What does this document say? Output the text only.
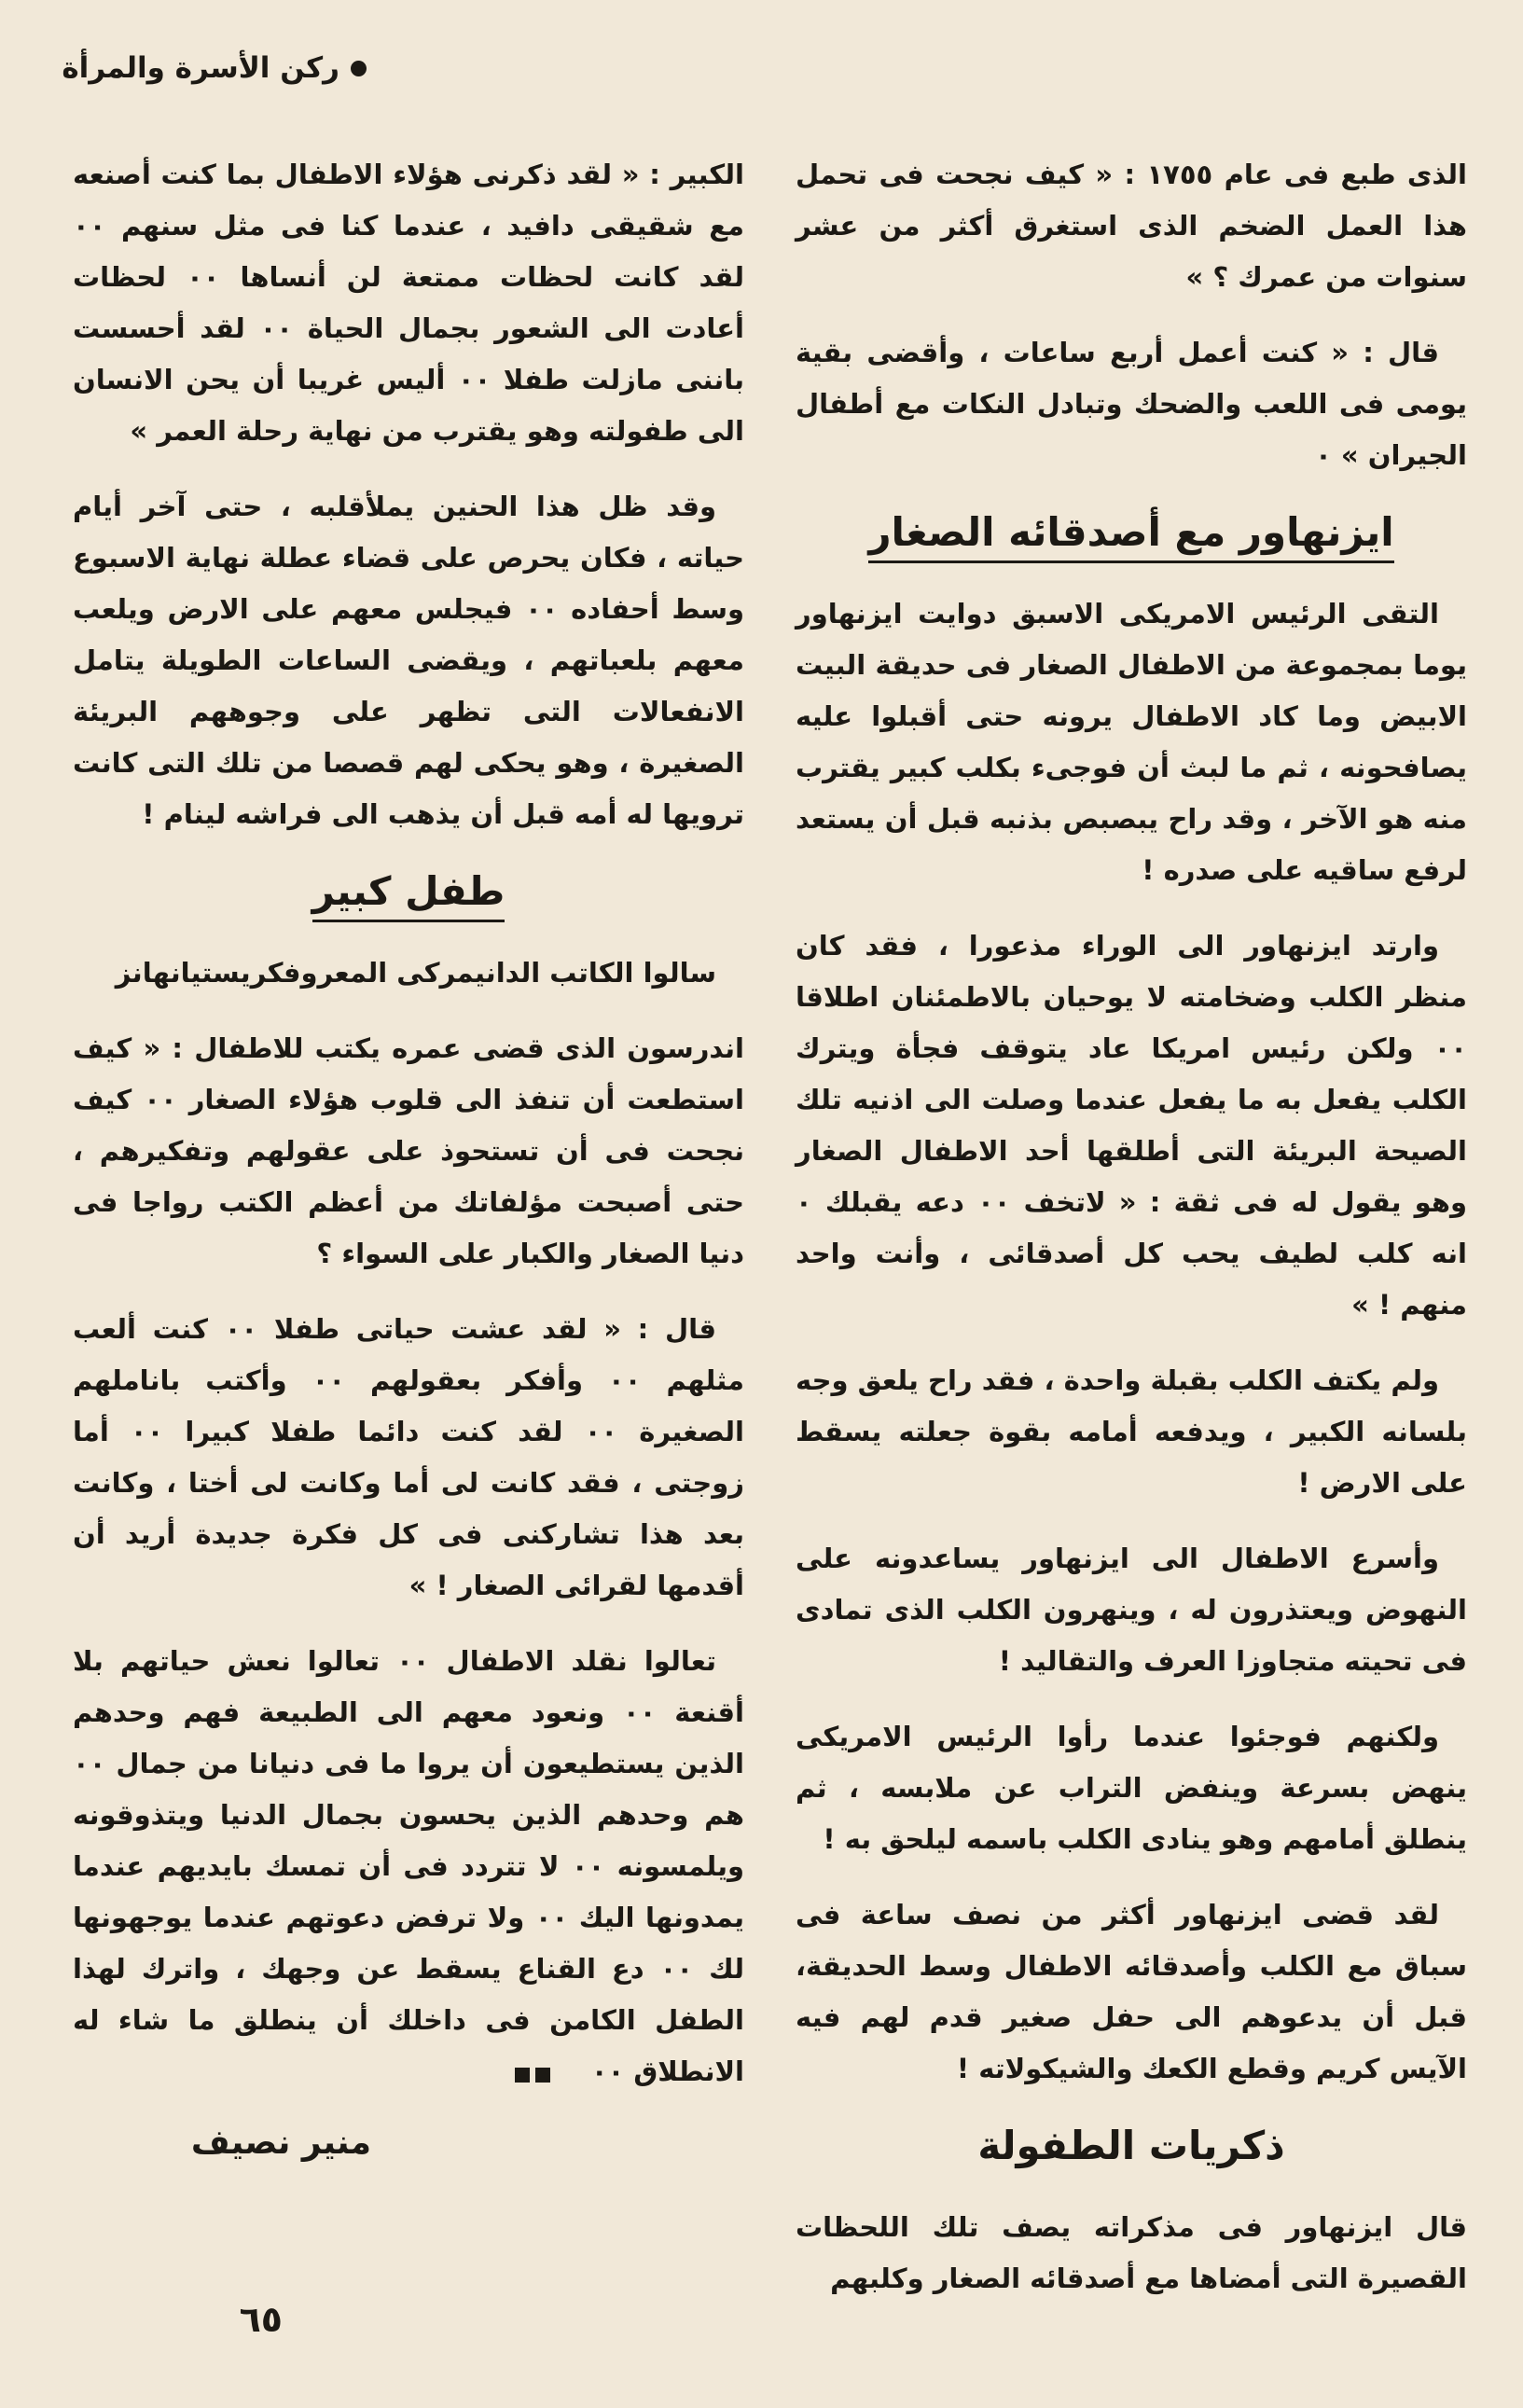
ركن الأسرة والمرأة

الذى طبع فى عام ١٧٥٥ : « كيف نجحت فى تحمل هذا العمل الضخم الذى استغرق أكثر من عشر سنوات من عمرك ؟ »

قال : « كنت أعمل أربع ساعات ، وأقضى بقية يومى فى اللعب والضحك وتبادل النكات مع أطفال الجيران » ٠

ايزنهاور مع أصدقائه الصغار

التقى الرئيس الامريكى الاسبق دوايت ايزنهاور يوما بمجموعة من الاطفال الصغار فى حديقة البيت الابيض وما كاد الاطفال يرونه حتى أقبلوا عليه يصافحونه ، ثم ما لبث أن فوجىء بكلب كبير يقترب منه هو الآخر ، وقد راح يبصبص بذنبه قبل أن يستعد لرفع ساقيه على صدره !

وارتد ايزنهاور الى الوراء مذعورا ، فقد كان منظر الكلب وضخامته لا يوحيان بالاطمئنان اطلاقا ٠٠ ولكن رئيس امريكا عاد يتوقف فجأة ويترك الكلب يفعل به ما يفعل عندما وصلت الى اذنيه تلك الصيحة البريئة التى أطلقها أحد الاطفال الصغار وهو يقول له فى ثقة : « لاتخف ٠٠ دعه يقبلك ٠ انه كلب لطيف يحب كل أصدقائى ، وأنت واحد منهم ! »

ولم يكتف الكلب بقبلة واحدة ، فقد راح يلعق وجه بلسانه الكبير ، ويدفعه أمامه بقوة جعلته يسقط على الارض !

وأسرع الاطفال الى ايزنهاور يساعدونه على النهوض ويعتذرون له ، وينهرون الكلب الذى تمادى فى تحيته متجاوزا العرف والتقاليد !

ولكنهم فوجئوا عندما رأوا الرئيس الامريكى ينهض بسرعة وينفض التراب عن ملابسه ، ثم ينطلق أمامهم وهو ينادى الكلب باسمه ليلحق به !

لقد قضى ايزنهاور أكثر من نصف ساعة فى سباق مع الكلب وأصدقائه الاطفال وسط الحديقة، قبل أن يدعوهم الى حفل صغير قدم لهم فيه الآيس كريم وقطع الكعك والشيكولاته !

ذكريات الطفولة

قال ايزنهاور فى مذكراته يصف تلك اللحظات القصيرة التى أمضاها مع أصدقائه الصغار وكلبهم

الكبير : « لقد ذكرنى هؤلاء الاطفال بما كنت أصنعه مع شقيقى دافيد ، عندما كنا فى مثل سنهم ٠٠ لقد كانت لحظات ممتعة لن أنساها ٠٠ لحظات أعادت الى الشعور بجمال الحياة ٠٠ لقد أحسست باننى مازلت طفلا ٠٠ أليس غريبا أن يحن الانسان الى طفولته وهو يقترب من نهاية رحلة العمر »

وقد ظل هذا الحنين يملأقلبه ، حتى آخر أيام حياته ، فكان يحرص على قضاء عطلة نهاية الاسبوع وسط أحفاده ٠٠ فيجلس معهم على الارض ويلعب معهم بلعباتهم ، ويقضى الساعات الطويلة يتامل الانفعالات التى تظهر على وجوههم البريئة الصغيرة ، وهو يحكى لهم قصصا من تلك التى كانت ترويها له أمه قبل أن يذهب الى فراشه لينام !

طفل كبير

سالوا الكاتب الدانيمركى المعروفكريستيانهانز

اندرسون الذى قضى عمره يكتب للاطفال : « كيف استطعت أن تنفذ الى قلوب هؤلاء الصغار ٠٠ كيف نجحت فى أن تستحوذ على عقولهم وتفكيرهم ، حتى أصبحت مؤلفاتك من أعظم الكتب رواجا فى دنيا الصغار والكبار على السواء ؟

قال : « لقد عشت حياتى طفلا ٠٠ كنت ألعب مثلهم ٠٠ وأفكر بعقولهم ٠٠ وأكتب باناملهم الصغيرة ٠٠ لقد كنت دائما طفلا كبيرا ٠٠ أما زوجتى ، فقد كانت لى أما وكانت لى أختا ، وكانت بعد هذا تشاركنى فى كل فكرة جديدة أريد أن أقدمها لقرائى الصغار ! »

تعالوا نقلد الاطفال ٠٠ تعالوا نعش حياتهم بلا أقنعة ٠٠ ونعود معهم الى الطبيعة فهم وحدهم الذين يستطيعون أن يروا ما فى دنيانا من جمال ٠٠ هم وحدهم الذين يحسون بجمال الدنيا ويتذوقونه ويلمسونه ٠٠ لا تتردد فى أن تمسك بايديهم عندما يمدونها اليك ٠٠ ولا ترفض دعوتهم عندما يوجهونها لك ٠٠ دع القناع يسقط عن وجهك ، واترك لهذا الطفل الكامن فى داخلك أن ينطلق ما شاء له الانطلاق ٠٠

منير نصيف
٦٥
